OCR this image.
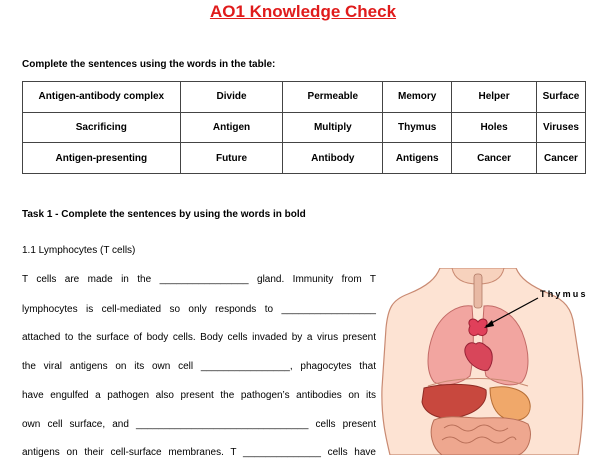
AO1 Knowledge Check
Complete the sentences using the words in the table:
Antigen-antibody complex	Divide	Permeable	Memory	Helper	Surface
Sacrificing	Antigen	Multiply	Thymus	Holes	Viruses
Antigen-presenting	Future	Antibody	Antigens	Cancer	Cancer
Task 1 - Complete the sentences by using the words in bold
1.1 Lymphocytes (T cells)
T cells are made in the ________________ gland. Immunity from T
lymphocytes is cell-mediated so only responds to _________________
attached to the surface of body cells. Body cells invaded by a virus present
the viral antigens on its own cell ________________, phagocytes that
have engulfed a pathogen also present the pathogen’s antibodies on its
own cell surface, and _______________________________ cells present
antigens on their cell-surface membranes. T ______________ cells have
Thymus
